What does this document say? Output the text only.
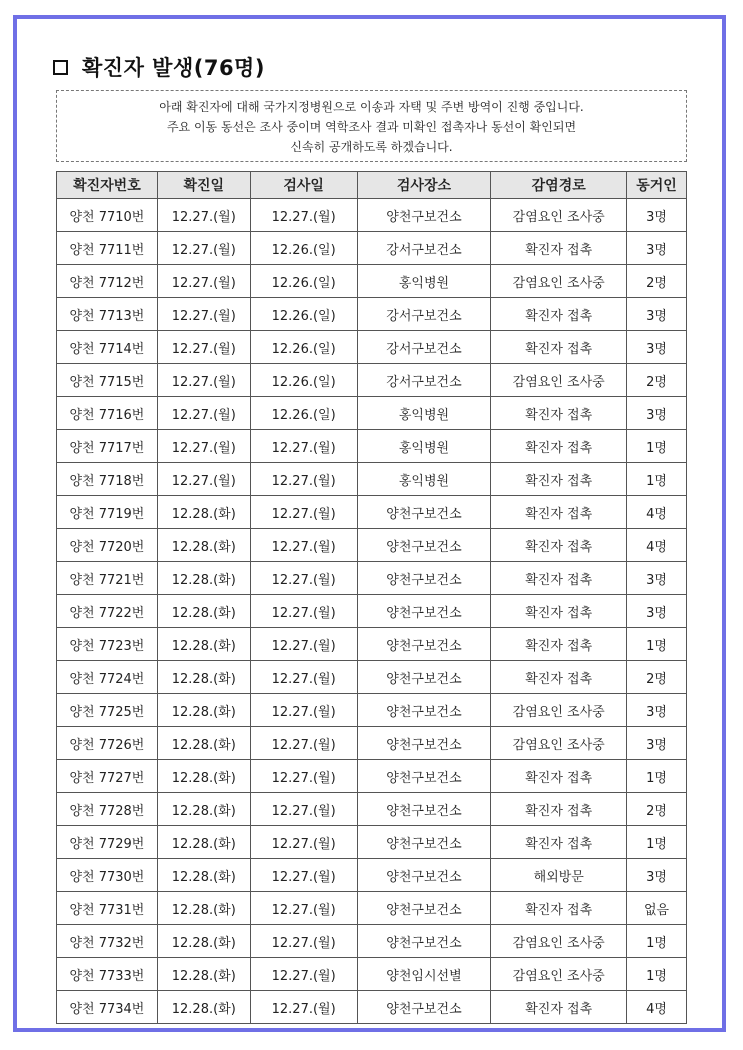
확진자 발생(76명)
아래 확진자에 대해 국가지정병원으로 이송과 자택 및 주변 방역이 진행 중입니다.
주요 이동 동선은 조사 중이며 역학조사 결과 미확인 접촉자나 동선이 확인되면
신속히 공개하도록 하겠습니다.
확진자번호	확진일	검사일	검사장소	감염경로	동거인
양천 7710번	12.27.(월)	12.27.(월)	양천구보건소	감염요인 조사중	3명
양천 7711번	12.27.(월)	12.26.(일)	강서구보건소	확진자 접촉	3명
양천 7712번	12.27.(월)	12.26.(일)	홍익병원	감염요인 조사중	2명
양천 7713번	12.27.(월)	12.26.(일)	강서구보건소	확진자 접촉	3명
양천 7714번	12.27.(월)	12.26.(일)	강서구보건소	확진자 접촉	3명
양천 7715번	12.27.(월)	12.26.(일)	강서구보건소	감염요인 조사중	2명
양천 7716번	12.27.(월)	12.26.(일)	홍익병원	확진자 접촉	3명
양천 7717번	12.27.(월)	12.27.(월)	홍익병원	확진자 접촉	1명
양천 7718번	12.27.(월)	12.27.(월)	홍익병원	확진자 접촉	1명
양천 7719번	12.28.(화)	12.27.(월)	양천구보건소	확진자 접촉	4명
양천 7720번	12.28.(화)	12.27.(월)	양천구보건소	확진자 접촉	4명
양천 7721번	12.28.(화)	12.27.(월)	양천구보건소	확진자 접촉	3명
양천 7722번	12.28.(화)	12.27.(월)	양천구보건소	확진자 접촉	3명
양천 7723번	12.28.(화)	12.27.(월)	양천구보건소	확진자 접촉	1명
양천 7724번	12.28.(화)	12.27.(월)	양천구보건소	확진자 접촉	2명
양천 7725번	12.28.(화)	12.27.(월)	양천구보건소	감염요인 조사중	3명
양천 7726번	12.28.(화)	12.27.(월)	양천구보건소	감염요인 조사중	3명
양천 7727번	12.28.(화)	12.27.(월)	양천구보건소	확진자 접촉	1명
양천 7728번	12.28.(화)	12.27.(월)	양천구보건소	확진자 접촉	2명
양천 7729번	12.28.(화)	12.27.(월)	양천구보건소	확진자 접촉	1명
양천 7730번	12.28.(화)	12.27.(월)	양천구보건소	해외방문	3명
양천 7731번	12.28.(화)	12.27.(월)	양천구보건소	확진자 접촉	없음
양천 7732번	12.28.(화)	12.27.(월)	양천구보건소	감염요인 조사중	1명
양천 7733번	12.28.(화)	12.27.(월)	양천임시선별	감염요인 조사중	1명
양천 7734번	12.28.(화)	12.27.(월)	양천구보건소	확진자 접촉	4명
